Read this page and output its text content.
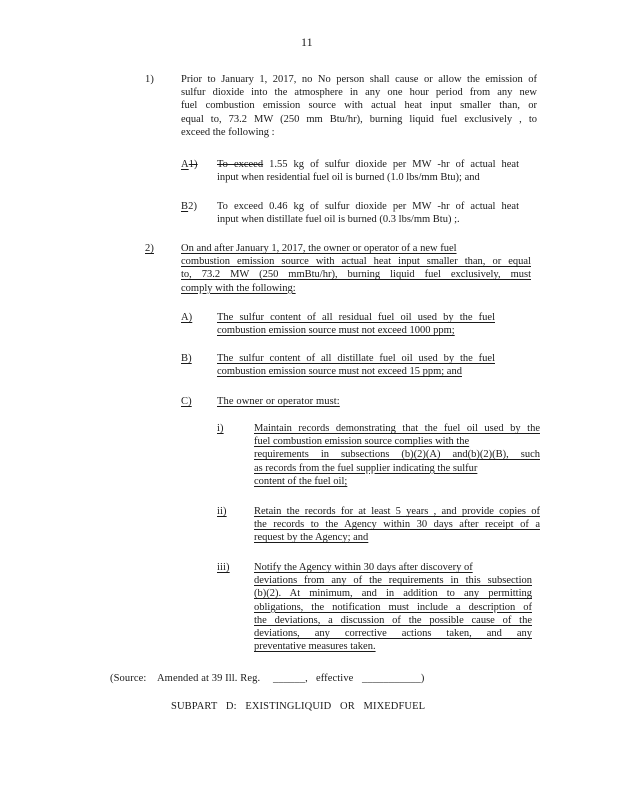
11
1)	Prior to January 1, 2017, no No person shall cause or allow the emission of
sulfur dioxide into the atmosphere in any one hour period from any new
fuel combustion emission source with actual heat input smaller than, or
equal to, 73.2 MW (250 mm Btu/hr), burning liquid fuel exclusively , to
exceed the following :
A1) To exceed 1.55 kg of sulfur dioxide per MW -hr of actual heat
input when residential fuel oil is burned (1.0 lbs/mm Btu); and
B2) To exceed 0.46 kg of sulfur dioxide per MW -hr of actual heat
input when distillate fuel oil is burned (0.3 lbs/mm Btu) ;.
2)	On and after January 1, 2017, the owner or operator of a new fuel
combustion emission source with actual heat input smaller than, or equal
to, 73.2 MW (250 mmBtu/hr), burning liquid fuel exclusively, must
comply with the following:
A) The sulfur content of all residual fuel oil used by the fuel
combustion emission source must not exceed 1000 ppm;
B) The sulfur content of all distillate fuel oil used by the fuel
combustion emission source must not exceed 15 ppm; and
C) The owner or operator must:
i)	Maintain records demonstrating that the fuel oil used by the
fuel combustion emission source complies with the
requirements in subsections (b)(2)(A) and(b)(2)(B), such
as records from the fuel supplier indicating the sulfur
content of the fuel oil;
ii)	Retain the records for at least 5 years , and provide copies of
the records to the Agency within 30 days after receipt of a
request by the Agency; and
iii) Notify the Agency within 30 days after discovery of
deviations from any of the requirements in this subsection
(b)(2). At minimum, and in addition to any permitting
obligations, the notification must include a description of
the deviations, a discussion of the possible cause of the
deviations, any corrective actions taken, and any
preventative measures taken.
(Source: Amended at 39 Ill. Reg. ______, effective ___________)
SUBPART D: EXISTINGLIQUID OR MIXEDFUEL
